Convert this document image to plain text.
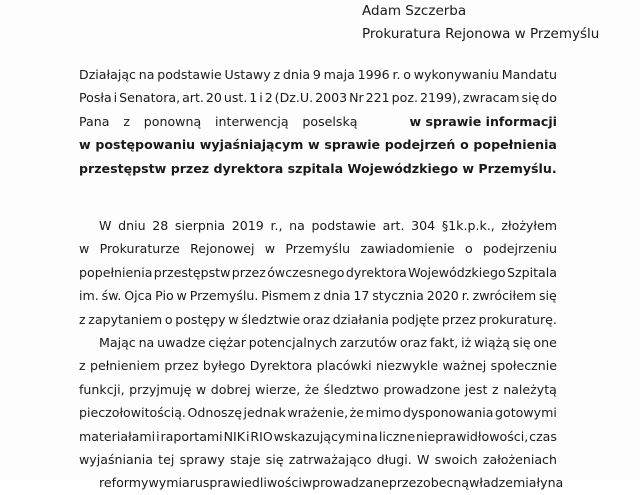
Adam Szczerba
Prokuratura Rejonowa w Przemyślu
Działając na podstawie Ustawy z dnia 9 maja 1996 r. o wykonywaniu Mandatu
Posła i Senatora, art. 20 ust. 1 i 2 (Dz.U. 2003 Nr 221 poz. 2199), zwracam się do
Pana z ponowną interwencją poselską	w sprawie informacji
w postępowaniu wyjaśniającym w sprawie podejrzeń o popełnienia
przestępstw przez dyrektora szpitala Wojewódzkiego w Przemyślu.
W dniu 28 sierpnia 2019 r., na podstawie art. 304 §1k.p.k., złożyłem
w Prokuraturze Rejonowej w Przemyślu zawiadomienie o podejrzeniu
popełnienia przestępstw przez ówczesnego dyrektora Wojewódzkiego Szpitala
im. św. Ojca Pio w Przemyślu. Pismem z dnia 17 stycznia 2020 r. zwróciłem się
z zapytaniem o postępy w śledztwie oraz działania podjęte przez prokuraturę.
Mając na uwadze ciężar potencjalnych zarzutów oraz fakt, iż wiążą się one
z pełnieniem przez byłego Dyrektora placówki niezwykle ważnej społecznie
funkcji, przyjmuję w dobrej wierze, że śledztwo prowadzone jest z należytą
pieczołowitością. Odnoszę jednak wrażenie, że mimo dysponowania gotowymi
materiałami i raportami NIK i RIO wskazującymi na liczne nieprawidłowości, czas
wyjaśniania tej sprawy staje się zatrważająco długi. W swoich założeniach
reformy wymiaru sprawiedliwości wprowadzane przez obecną władze miały na
